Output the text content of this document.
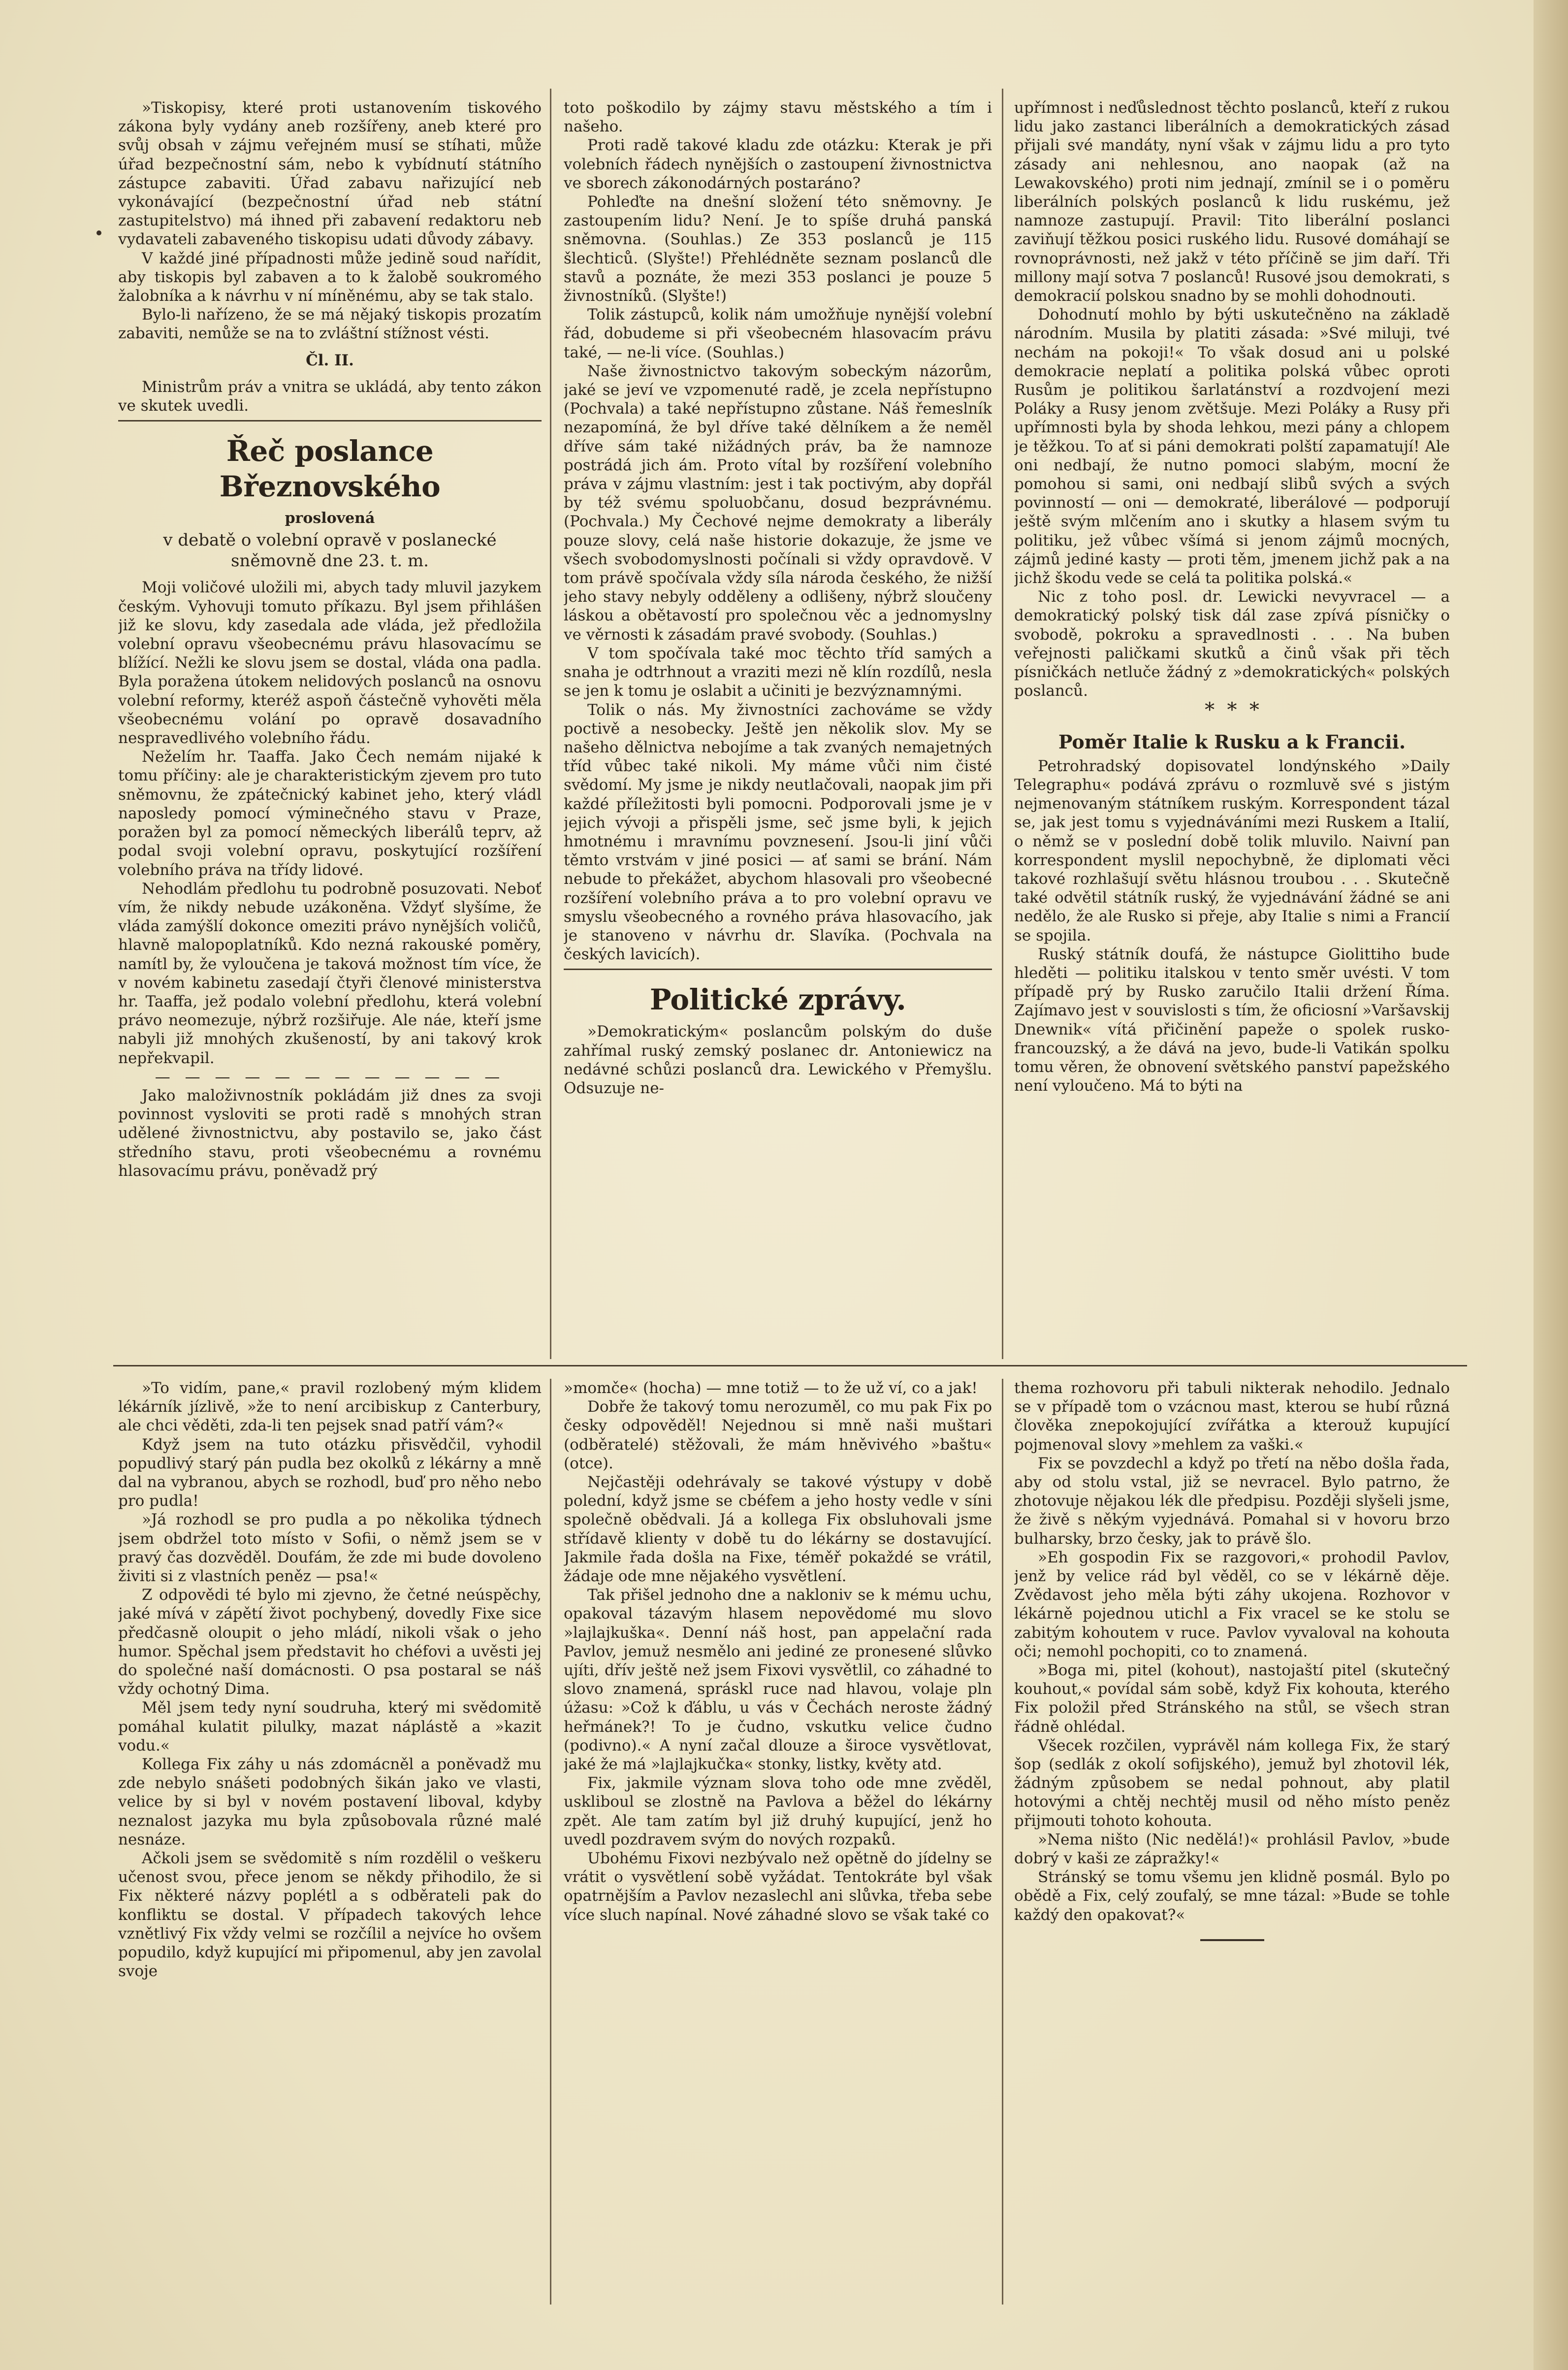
»Tiskopisy, které proti ustanovením tiskového zákona byly vydány aneb rozšířeny, aneb které pro svůj obsah v zájmu veřejném musí se stíhati, může úřad bezpečnostní sám, nebo k vybídnutí státního zástupce zabaviti. Úřad zabavu nařizující neb vykonávající (bezpečnostní úřad neb státní zastupitelstvo) má ihned při zabavení redaktoru neb vydavateli zabaveného tiskopisu udati důvody zábavy.

V každé jiné případnosti může jedině soud nařídit, aby tiskopis byl zabaven a to k žalobě soukromého žalobníka a k návrhu v ní míněnému, aby se tak stalo.

Bylo-li nařízeno, že se má nějaký tiskopis prozatím zabaviti, nemůže se na to zvláštní stížnost vésti.

Čl. II.

Ministrům práv a vnitra se ukládá, aby tento zákon ve skutek uvedli.

Řeč poslance Březnovského
proslovená
v debatě o volební opravě v poslanecké sněmovně dne 23. t. m.

Moji voličové uložili mi, abych tady mluvil jazykem českým. Vyhovuji tomuto příkazu. Byl jsem přihlášen již ke slovu, kdy zasedala ade vláda, jež předložila volební opravu všeobecnému právu hlasovacímu se blížící. Nežli ke slovu jsem se dostal, vláda ona padla. Byla poražena útokem nelidových poslanců na osnovu volební reformy, kteréž aspoň částečně vyhověti měla všeobecnému volání po opravě dosavadního nespravedlivého volebního řádu.

Neželím hr. Taaffa. Jako Čech nemám nijaké k tomu příčiny: ale je charakteristickým zjevem pro tuto sněmovnu, že zpátečnický kabinet jeho, který vládl naposledy pomocí výminečného stavu v Praze, poražen byl za pomocí německých liberálů teprv, až podal svoji volební opravu, poskytující rozšíření volebního práva na třídy lidové.

Nehodlám předlohu tu podrobně posuzovati. Neboť vím, že nikdy nebude uzákoněna. Vždyť slyšíme, že vláda zamýšlí dokonce omeziti právo nynějších voličů, hlavně malopoplatníků. Kdo nezná rakouské poměry, namítl by, že vyloučena je taková možnost tím více, že v novém kabinetu zasedají čtyři členové ministerstva hr. Taaffa, jež podalo volební předlohu, která volební právo neomezuje, nýbrž rozšiřuje. Ale náe, kteří jsme nabyli již mnohých zkušeností, by ani takový krok nepřekvapil.

— — — — — — — — — — — —

Jako maloživnostník pokládám již dnes za svoji povinnost vysloviti se proti radě s mnohých stran udělené živnostnictvu, aby postavilo se, jako část středního stavu, proti všeobecnému a rovnému hlasovacímu právu, poněvadž prý

toto poškodilo by zájmy stavu městského a tím i našeho.

Proti radě takové kladu zde otázku: Kterak je při volebních řádech nynějších o zastoupení živnostnictva ve sborech zákonodárných postaráno?

Pohleďte na dnešní složení této sněmovny. Je zastoupením lidu? Není. Je to spíše druhá panská sněmovna. (Souhlas.) Ze 353 poslanců je 115 šlechticů. (Slyšte!) Přehlédněte seznam poslanců dle stavů a poznáte, že mezi 353 poslanci je pouze 5 živnostníků. (Slyšte!)

Tolik zástupců, kolik nám umožňuje nynější volební řád, dobudeme si při všeobecném hlasovacím právu také, — ne-li více. (Souhlas.)

Naše živnostnictvo takovým sobeckým názorům, jaké se jeví ve vzpomenuté radě, je zcela nepřístupno (Pochvala) a také nepřístupno zůstane. Náš řemeslník nezapomíná, že byl dříve také dělníkem a že neměl dříve sám také nižádných práv, ba že namnoze postrádá jich ám. Proto vítal by rozšíření volebního práva v zájmu vlastním: jest i tak poctivým, aby dopřál by též svému spoluobčanu, dosud bezprávnému. (Pochvala.) My Čechové nejme demokraty a liberály pouze slovy, celá naše historie dokazuje, že jsme ve všech svobodomyslnosti počínali si vždy opravdově. V tom právě spočívala vždy síla národa českého, že nižší jeho stavy nebyly odděleny a odlišeny, nýbrž sloučeny láskou a obětavostí pro společnou věc a jednomyslny ve věrnosti k zásadám pravé svobody. (Souhlas.)

V tom spočívala také moc těchto tříd samých a snaha je odtrhnout a vraziti mezi ně klín rozdílů, nesla se jen k tomu je oslabit a učiniti je bezvýznamnými.

Tolik o nás. My živnostníci zachováme se vždy poctivě a nesobecky. Ještě jen několik slov. My se našeho dělnictva nebojíme a tak zvaných nemajetných tříd vůbec také nikoli. My máme vůči nim čisté svědomí. My jsme je nikdy neutlačovali, naopak jim při každé příležitosti byli pomocni. Podporovali jsme je v jejich vývoji a přispěli jsme, seč jsme byli, k jejich hmotnému i mravnímu povznesení. Jsou-li jiní vůči těmto vrstvám v jiné posici — ať sami se brání. Nám nebude to překážet, abychom hlasovali pro všeobecné rozšíření volebního práva a to pro volební opravu ve smyslu všeobecného a rovného práva hlasovacího, jak je stanoveno v návrhu dr. Slavíka. (Pochvala na českých lavicích).

Politické zprávy.

»Demokratickým« poslancům polským do duše zahřímal ruský zemský poslanec dr. Antoniewicz na nedávné schůzi poslanců dra. Lewického v Přemyšlu. Odsuzuje ne-

upřímnost i neďůslednost těchto poslanců, kteří z rukou lidu jako zastanci liberálních a demokratických zásad přijali své mandáty, nyní však v zájmu lidu a pro tyto zásady ani nehlesnou, ano naopak (až na Lewakovského) proti nim jednají, zmínil se i o poměru liberálních polských poslanců k lidu ruskému, jež namnoze zastupují. Pravil: Tito liberální poslanci zaviňují těžkou posici ruského lidu. Rusové domáhají se rovnoprávnosti, než jakž v této příčině se jim daří. Tři millony mají sotva 7 poslanců! Rusové jsou demokrati, s demokracií polskou snadno by se mohli dohodnouti.

Dohodnutí mohlo by býti uskutečněno na základě národním. Musila by platiti zásada: »Své miluji, tvé nechám na pokoji!« To však dosud ani u polské demokracie neplatí a politika polská vůbec oproti Rusům je politikou šarlatánství a rozdvojení mezi Poláky a Rusy jenom zvětšuje. Mezi Poláky a Rusy při upřímnosti byla by shoda lehkou, mezi pány a chlopem je těžkou. To ať si páni demokrati polští zapamatují! Ale oni nedbají, že nutno pomoci slabým, mocní že pomohou si sami, oni nedbají slibů svých a svých povinností — oni — demokraté, liberálové — podporují ještě svým mlčením ano i skutky a hlasem svým tu politiku, jež vůbec všímá si jenom zájmů mocných, zájmů jediné kasty — proti těm, jmenem jichž pak a na jichž škodu vede se celá ta politika polská.«

Nic z toho posl. dr. Lewicki nevyvracel — a demokratický polský tisk dál zase zpívá písničky o svobodě, pokroku a spravedlnosti . . . Na buben veřejnosti paličkami skutků a činů však při těch písničkách netluče žádný z »demokratických« polských poslanců.

*  *  *

Poměr Italie k Rusku a k Francii.

Petrohradský dopisovatel londýnského »Daily Telegraphu« podává zprávu o rozmluvě své s jistým nejmenovaným státníkem ruským. Korrespondent tázal se, jak jest tomu s vyjednáváními mezi Ruskem a Italií, o němž se v poslední době tolik mluvilo. Naivní pan korrespondent myslil nepochybně, že diplomati věci takové rozhlašují světu hlásnou troubou . . . Skutečně také odvětil státník ruský, že vyjednávání žádné se ani nedělo, že ale Rusko si přeje, aby Italie s nimi a Francií se spojila.

Ruský státník doufá, že nástupce Giolittiho bude hleděti — politiku italskou v tento směr uvésti. V tom případě prý by Rusko zaručilo Italii držení Říma. Zajímavo jest v souvislosti s tím, že oficiosní »Varšavskij Dnewnik« vítá přičinění papeže o spolek rusko-francouzský, a že dává na jevo, bude-li Vatikán spolku tomu věren, že obnovení světského panství papežského není vyloučeno. Má to býti na

»To vidím, pane,« pravil rozlobený mým klidem lékárník jízlivě, »že to není arcibiskup z Canterbury, ale chci věděti, zda-li ten pejsek snad patří vám?«

Když jsem na tuto otázku přisvědčil, vyhodil popudlivý starý pán pudla bez okolků z lékárny a mně dal na vybranou, abych se rozhodl, buď pro něho nebo pro pudla!

»Já rozhodl se pro pudla a po několika týdnech jsem obdržel toto místo v Sofii, o němž jsem se v pravý čas dozvěděl. Doufám, že zde mi bude dovoleno živiti si z vlastních peněz — psa!«

Z odpovědi té bylo mi zjevno, že četné neúspěchy, jaké mívá v zápětí život pochybený, dovedly Fixe sice předčasně oloupit o jeho mládí, nikoli však o jeho humor. Spěchal jsem představit ho chéfovi a uvěsti jej do společné naší domácnosti. O psa postaral se náš vždy ochotný Dima.

Měl jsem tedy nyní soudruha, který mi svědomitě pomáhal kulatit pilulky, mazat náplástě a »kazit vodu.«

Kollega Fix záhy u nás zdomácněl a poněvadž mu zde nebylo snášeti podobných šikán jako ve vlasti, velice by si byl v novém postavení liboval, kdyby neznalost jazyka mu byla způsobovala různé malé nesnáze.

Ačkoli jsem se svědomitě s ním rozdělil o veškeru učenost svou, přece jenom se někdy přihodilo, že si Fix některé názvy poplétl a s odběrateli pak do konfliktu se dostal. V případech takových lehce vznětlivý Fix vždy velmi se rozčílil a nejvíce ho ovšem popudilo, když kupující mi připomenul, aby jen zavolal svoje

»momče« (hocha) — mne totiž — to že už ví, co a jak!

Dobře že takový tomu nerozuměl, co mu pak Fix po česky odpověděl! Nejednou si mně naši muštari (odběratelé) stěžovali, že mám hněvivého »baštu« (otce).

Nejčastěji odehrávaly se takové výstupy v době polední, když jsme se cbéfem a jeho hosty vedle v síni společně obědvali. Já a kollega Fix obsluhovali jsme střídavě klienty v době tu do lékárny se dostavující. Jakmile řada došla na Fixe, téměř pokaždé se vrátil, žádaje ode mne nějakého vysvětlení.

Tak přišel jednoho dne a nakloniv se k mému uchu, opakoval tázavým hlasem nepovědomé mu slovo »lajlajkuška«. Denní náš host, pan appelační rada Pavlov, jemuž nesmělo ani jediné ze pronesené slůvko ujíti, dřív ještě než jsem Fixovi vysvětlil, co záhadné to slovo znamená, spráskl ruce nad hlavou, volaje pln úžasu: »Což k ďáblu, u vás v Čechách neroste žádný heřmánek?! To je čudno, vskutku velice čudno (podivno).« A nyní začal dlouze a široce vysvětlovat, jaké že má »lajlajkučka« stonky, listky, květy atd.

Fix, jakmile význam slova toho ode mne zvěděl, uskliboul se zlostně na Pavlova a běžel do lékárny zpět. Ale tam zatím byl již druhý kupující, jenž ho uvedl pozdravem svým do nových rozpaků.

Ubohému Fixovi nezbývalo než opětně do jídelny se vrátit o vysvětlení sobě vyžádat. Tentokráte byl však opatrnějším a Pavlov nezaslechl ani slůvka, třeba sebe více sluch napínal. Nové záhadné slovo se však také co

thema rozhovoru při tabuli nikterak nehodilo. Jednalo se v případě tom o vzácnou mast, kterou se hubí různá člověka znepokojující zvířátka a kterouž kupující pojmenoval slovy »mehlem za vaški.«

Fix se povzdechl a když po třetí na něbo došla řada, aby od stolu vstal, již se nevracel. Bylo patrno, že zhotovuje nějakou lék dle předpisu. Později slyšeli jsme, že živě s někým vyjednává. Pomahal si v hovoru brzo bulharsky, brzo česky, jak to právě šlo.

»Eh gospodin Fix se razgovori,« prohodil Pavlov, jenž by velice rád byl věděl, co se v lékárně děje. Zvědavost jeho měla býti záhy ukojena. Rozhovor v lékárně pojednou utichl a Fix vracel se ke stolu se zabitým kohoutem v ruce. Pavlov vyvaloval na kohouta oči; nemohl pochopiti, co to znamená.

»Boga mi, pitel (kohout), nastojaští pitel (skutečný kouhout,« povídal sám sobě, když Fix kohouta, kterého Fix položil před Stránského na stůl, se všech stran řádně ohlédal.

Všecek rozčilen, vyprávěl nám kollega Fix, že starý šop (sedlák z okolí sofijského), jemuž byl zhotovil lék, žádným způsobem se nedal pohnout, aby platil hotovými a chtěj nechtěj musil od něho místo peněz přijmouti tohoto kohouta.

»Nema ništo (Nic nedělá!)« prohlásil Pavlov, »bude dobrý v kaši ze zápražky!«

Stránský se tomu všemu jen klidně posmál. Bylo po obědě a Fix, celý zoufalý, se mne tázal: »Bude se tohle každý den opakovat?«
